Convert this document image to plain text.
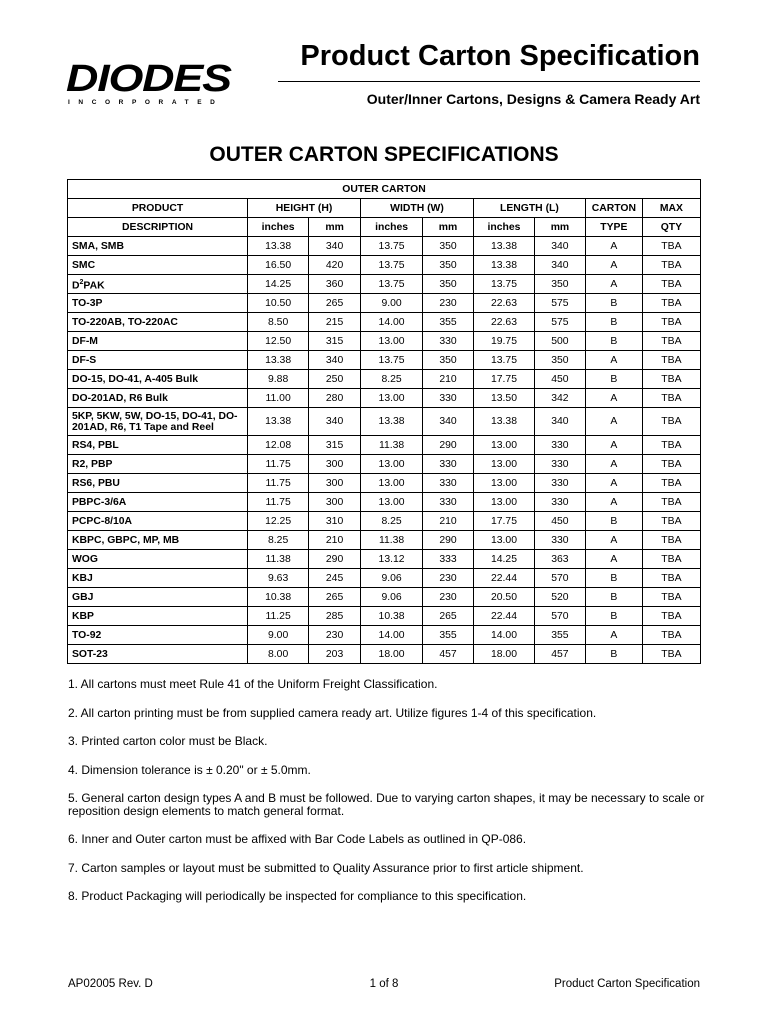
DIODES
INCORPORATED
Product Carton Specification
Outer/Inner Cartons, Designs & Camera Ready Art
OUTER CARTON SPECIFICATIONS
OUTER CARTON								
PRODUCT	HEIGHT (H)		WIDTH (W)		LENGTH (L)		CARTON	MAX
DESCRIPTION	inches	mm	inches	mm	inches	mm	TYPE	QTY
SMA, SMB	13.38	340	13.75	350	13.38	340	A	TBA
SMC	16.50	420	13.75	350	13.38	340	A	TBA
$D^2PAK$	14.25	360	13.75	350	13.75	350	A	TBA
TO-3P	10.50	265	9.00	230	22.63	575	B	TBA
TO-220AB, TO-220AC	8.50	215	14.00	355	22.63	575	B	TBA
DF-M	12.50	315	13.00	330	19.75	500	B	TBA
DF-S	13.38	340	13.75	350	13.75	350	A	TBA
DO-15, DO-41, A-405 Bulk	9.88	250	8.25	210	17.75	450	B	TBA
DO-201AD, R6 Bulk	11.00	280	13.00	330	13.50	342	A	TBA
5KP, 5KW, 5W, DO-15, DO-41, DO-201AD, R6, T1 Tape and Reel	13.38	340	13.38	340	13.38	340	A	TBA
RS4, PBL	12.08	315	11.38	290	13.00	330	A	TBA
R2, PBP	11.75	300	13.00	330	13.00	330	A	TBA
RS6, PBU	11.75	300	13.00	330	13.00	330	A	TBA
PBPC-3/6A	11.75	300	13.00	330	13.00	330	A	TBA
PCPC-8/10A	12.25	310	8.25	210	17.75	450	B	TBA
KBPC, GBPC, MP, MB	8.25	210	11.38	290	13.00	330	A	TBA
WOG	11.38	290	13.12	333	14.25	363	A	TBA
KBJ	9.63	245	9.06	230	22.44	570	B	TBA
GBJ	10.38	265	9.06	230	20.50	520	B	TBA
KBP	11.25	285	10.38	265	22.44	570	B	TBA
TO-92	9.00	230	14.00	355	14.00	355	A	TBA
SOT-23	8.00	203	18.00	457	18.00	457	B	TBA

1. All cartons must meet Rule 41 of the Uniform Freight Classification.

2. All carton printing must be from supplied camera ready art. Utilize figures 1-4 of this specification.

3. Printed carton color must be Black.

4. Dimension tolerance is ± 0.20" or ± 5.0mm.

5. General carton design types A and B must be followed. Due to varying carton shapes, it may be necessary to scale or reposition design elements to match general format.

6. Inner and Outer carton must be affixed with Bar Code Labels as outlined in QP-086.

7. Carton samples or layout must be submitted to Quality Assurance prior to first article shipment.

8. Product Packaging will periodically be inspected for compliance to this specification.

AP02005 Rev. D	1 of 8	Product Carton Specification
